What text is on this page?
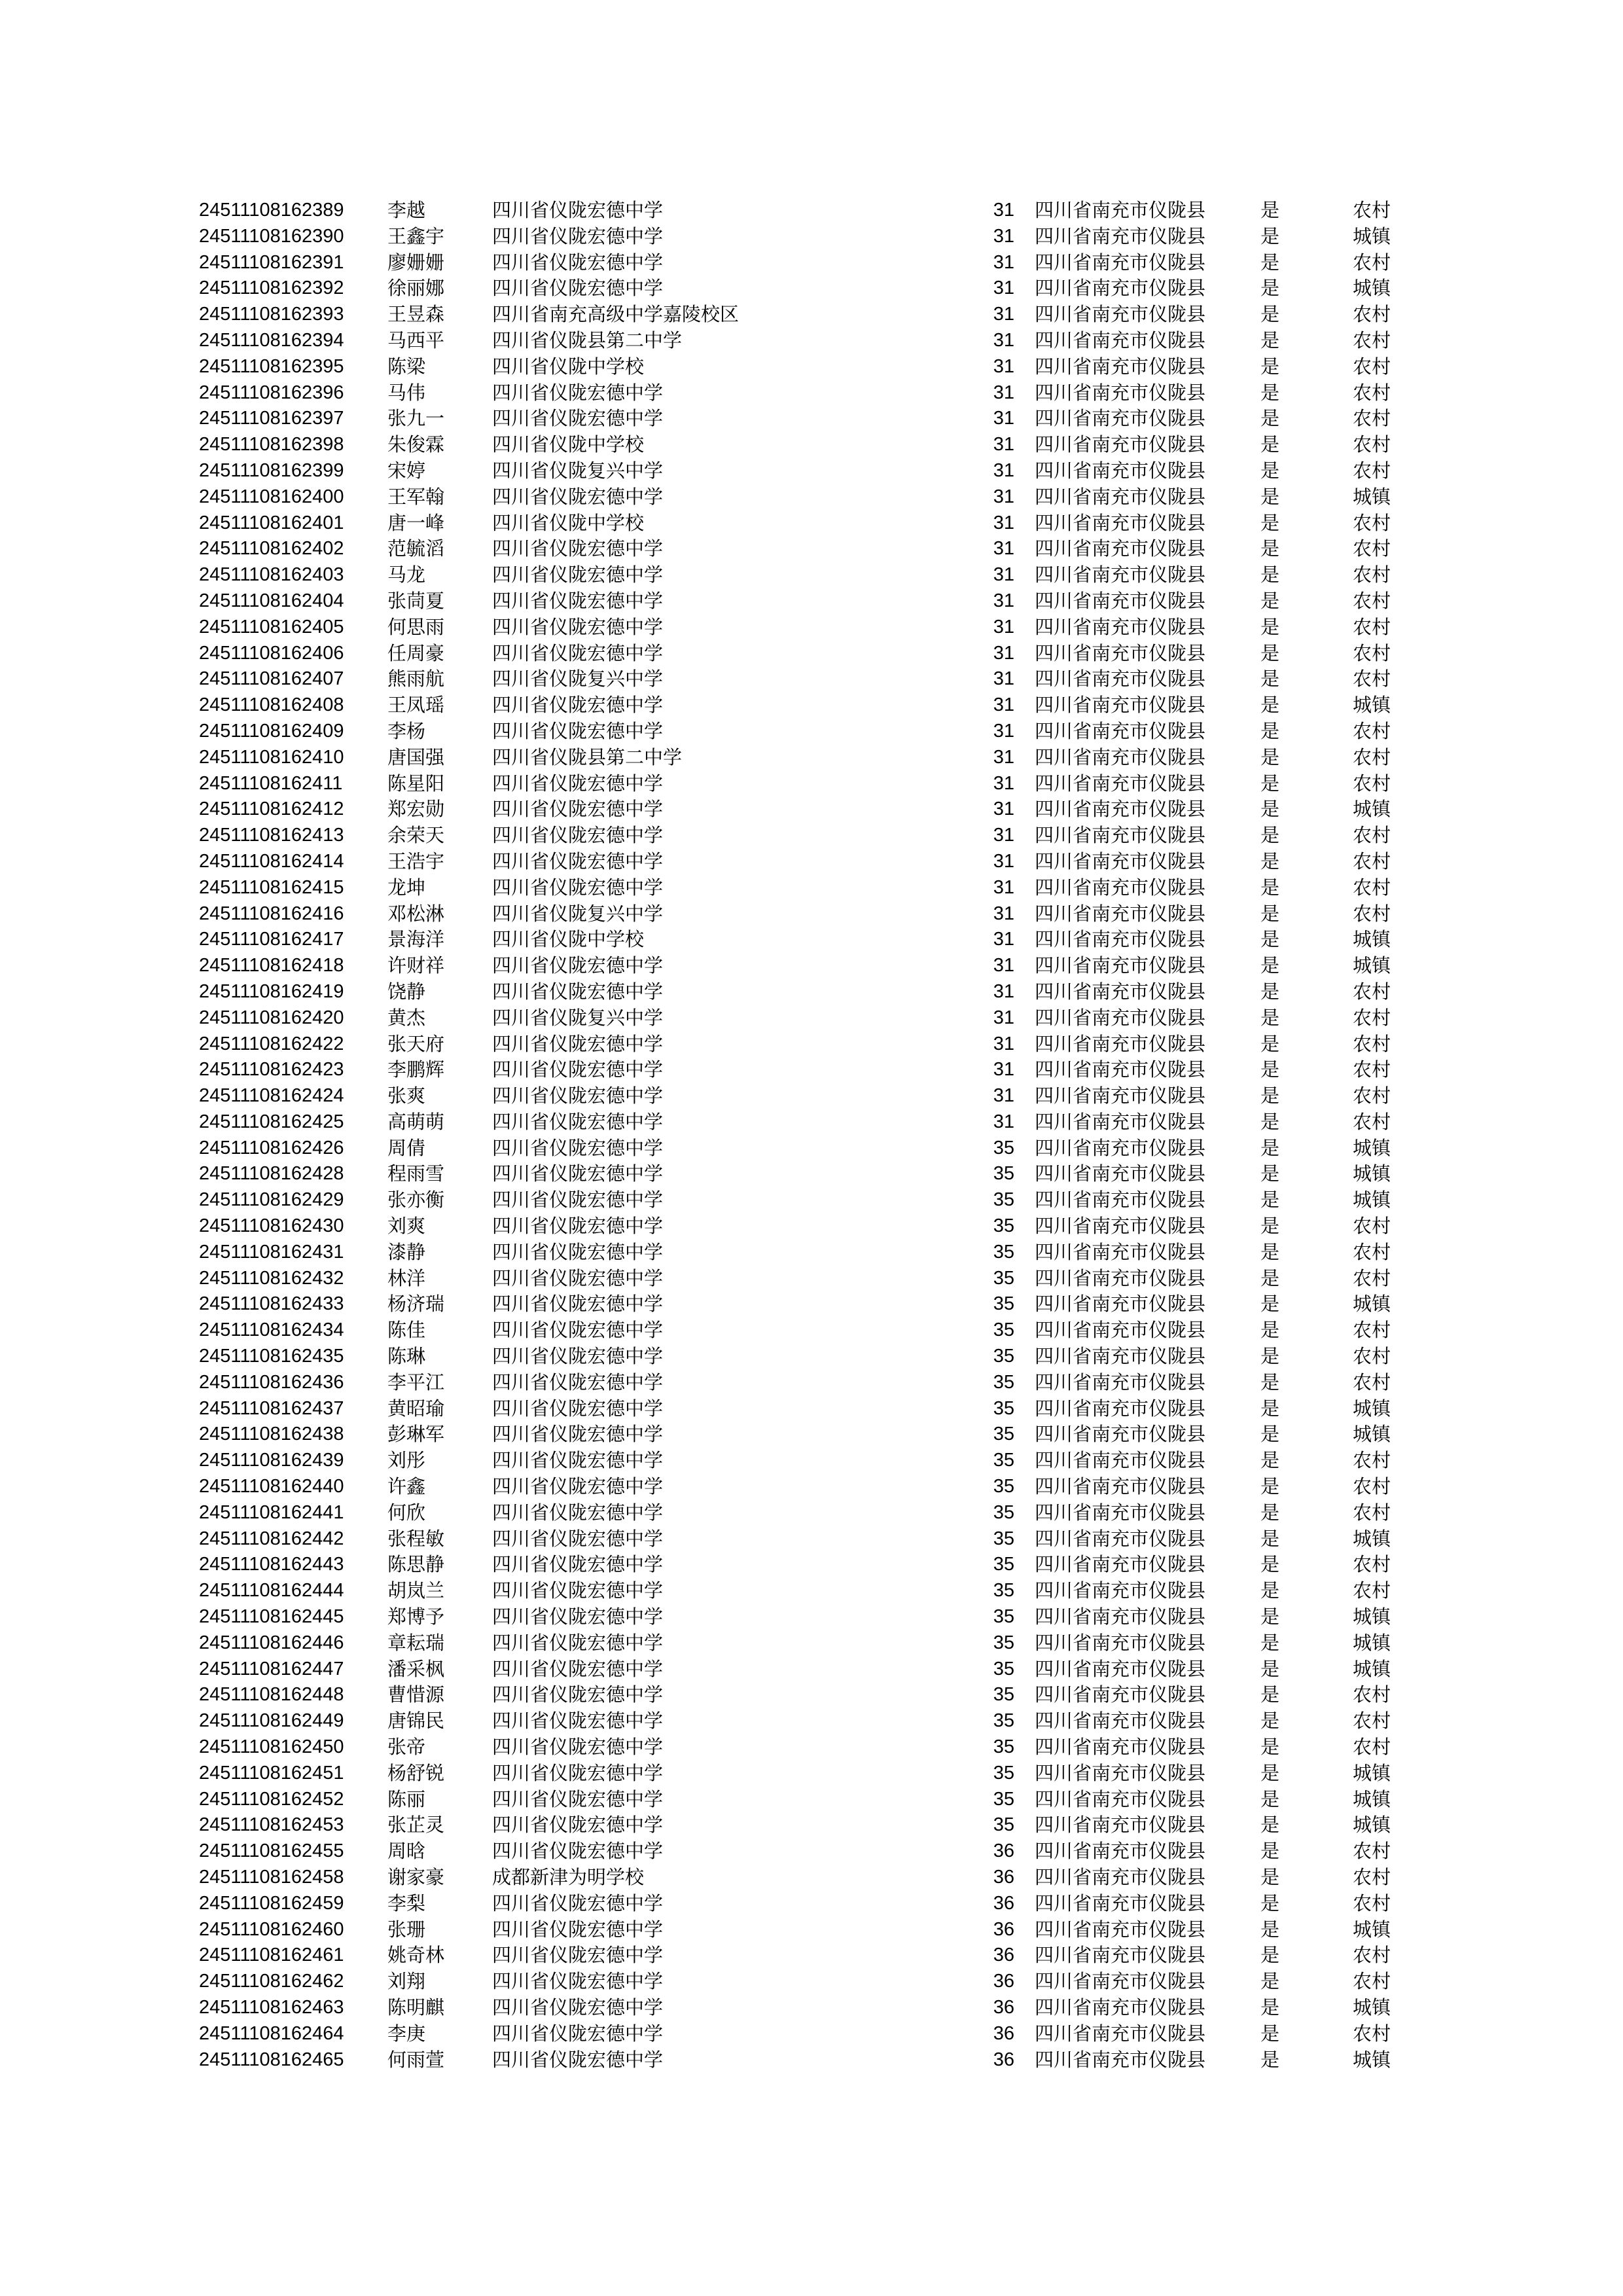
24511108162389 李越	四川省仪陇宏德中学	31 四川省南充市仪陇县	是	农村
24511108162390 王鑫宇	四川省仪陇宏德中学	31 四川省南充市仪陇县	是	城镇
24511108162391 廖姗姗	四川省仪陇宏德中学	31 四川省南充市仪陇县	是	农村
24511108162392 徐丽娜	四川省仪陇宏德中学	31 四川省南充市仪陇县	是	城镇
24511108162393 王昱森	四川省南充高级中学嘉陵校区	31 四川省南充市仪陇县	是	农村
24511108162394 马西平	四川省仪陇县第二中学	31 四川省南充市仪陇县	是	农村
24511108162395 陈梁	四川省仪陇中学校	31 四川省南充市仪陇县	是	农村
24511108162396 马伟	四川省仪陇宏德中学	31 四川省南充市仪陇县	是	农村
24511108162397 张九一	四川省仪陇宏德中学	31 四川省南充市仪陇县	是	农村
24511108162398 朱俊霖	四川省仪陇中学校	31 四川省南充市仪陇县	是	农村
24511108162399 宋婷	四川省仪陇复兴中学	31 四川省南充市仪陇县	是	农村
24511108162400 王军翰	四川省仪陇宏德中学	31 四川省南充市仪陇县	是	城镇
24511108162401 唐一峰	四川省仪陇中学校	31 四川省南充市仪陇县	是	农村
24511108162402 范毓滔	四川省仪陇宏德中学	31 四川省南充市仪陇县	是	农村
24511108162403 马龙	四川省仪陇宏德中学	31 四川省南充市仪陇县	是	农村
24511108162404 张茼夏	四川省仪陇宏德中学	31 四川省南充市仪陇县	是	农村
24511108162405 何思雨	四川省仪陇宏德中学	31 四川省南充市仪陇县	是	农村
24511108162406 任周豪	四川省仪陇宏德中学	31 四川省南充市仪陇县	是	农村
24511108162407 熊雨航	四川省仪陇复兴中学	31 四川省南充市仪陇县	是	农村
24511108162408 王凤瑶	四川省仪陇宏德中学	31 四川省南充市仪陇县	是	城镇
24511108162409 李杨	四川省仪陇宏德中学	31 四川省南充市仪陇县	是	农村
24511108162410 唐国强	四川省仪陇县第二中学	31 四川省南充市仪陇县	是	农村
24511108162411 陈星阳	四川省仪陇宏德中学	31 四川省南充市仪陇县	是	农村
24511108162412 郑宏勋	四川省仪陇宏德中学	31 四川省南充市仪陇县	是	城镇
24511108162413 余荣天	四川省仪陇宏德中学	31 四川省南充市仪陇县	是	农村
24511108162414 王浩宇	四川省仪陇宏德中学	31 四川省南充市仪陇县	是	农村
24511108162415 龙坤	四川省仪陇宏德中学	31 四川省南充市仪陇县	是	农村
24511108162416 邓松淋	四川省仪陇复兴中学	31 四川省南充市仪陇县	是	农村
24511108162417 景海洋	四川省仪陇中学校	31 四川省南充市仪陇县	是	城镇
24511108162418 许财祥	四川省仪陇宏德中学	31 四川省南充市仪陇县	是	城镇
24511108162419 饶静	四川省仪陇宏德中学	31 四川省南充市仪陇县	是	农村
24511108162420 黄杰	四川省仪陇复兴中学	31 四川省南充市仪陇县	是	农村
24511108162422 张天府	四川省仪陇宏德中学	31 四川省南充市仪陇县	是	农村
24511108162423 李鹏辉	四川省仪陇宏德中学	31 四川省南充市仪陇县	是	农村
24511108162424 张爽	四川省仪陇宏德中学	31 四川省南充市仪陇县	是	农村
24511108162425 高萌萌	四川省仪陇宏德中学	31 四川省南充市仪陇县	是	农村
24511108162426 周倩	四川省仪陇宏德中学	35 四川省南充市仪陇县	是	城镇
24511108162428 程雨雪	四川省仪陇宏德中学	35 四川省南充市仪陇县	是	城镇
24511108162429 张亦衡	四川省仪陇宏德中学	35 四川省南充市仪陇县	是	城镇
24511108162430 刘爽	四川省仪陇宏德中学	35 四川省南充市仪陇县	是	农村
24511108162431 漆静	四川省仪陇宏德中学	35 四川省南充市仪陇县	是	农村
24511108162432 林洋	四川省仪陇宏德中学	35 四川省南充市仪陇县	是	农村
24511108162433 杨济瑞	四川省仪陇宏德中学	35 四川省南充市仪陇县	是	城镇
24511108162434 陈佳	四川省仪陇宏德中学	35 四川省南充市仪陇县	是	农村
24511108162435 陈琳	四川省仪陇宏德中学	35 四川省南充市仪陇县	是	农村
24511108162436 李平江	四川省仪陇宏德中学	35 四川省南充市仪陇县	是	农村
24511108162437 黄昭瑜	四川省仪陇宏德中学	35 四川省南充市仪陇县	是	城镇
24511108162438 彭琳军	四川省仪陇宏德中学	35 四川省南充市仪陇县	是	城镇
24511108162439 刘彤	四川省仪陇宏德中学	35 四川省南充市仪陇县	是	农村
24511108162440 许鑫	四川省仪陇宏德中学	35 四川省南充市仪陇县	是	农村
24511108162441 何欣	四川省仪陇宏德中学	35 四川省南充市仪陇县	是	农村
24511108162442 张程敏	四川省仪陇宏德中学	35 四川省南充市仪陇县	是	城镇
24511108162443 陈思静	四川省仪陇宏德中学	35 四川省南充市仪陇县	是	农村
24511108162444 胡岚兰	四川省仪陇宏德中学	35 四川省南充市仪陇县	是	农村
24511108162445 郑博予	四川省仪陇宏德中学	35 四川省南充市仪陇县	是	城镇
24511108162446 章耘瑞	四川省仪陇宏德中学	35 四川省南充市仪陇县	是	城镇
24511108162447 潘采枫	四川省仪陇宏德中学	35 四川省南充市仪陇县	是	城镇
24511108162448 曹惜源	四川省仪陇宏德中学	35 四川省南充市仪陇县	是	农村
24511108162449 唐锦民	四川省仪陇宏德中学	35 四川省南充市仪陇县	是	农村
24511108162450 张帝	四川省仪陇宏德中学	35 四川省南充市仪陇县	是	农村
24511108162451 杨舒锐	四川省仪陇宏德中学	35 四川省南充市仪陇县	是	城镇
24511108162452 陈丽	四川省仪陇宏德中学	35 四川省南充市仪陇县	是	城镇
24511108162453 张芷灵	四川省仪陇宏德中学	35 四川省南充市仪陇县	是	城镇
24511108162455 周晗	四川省仪陇宏德中学	36 四川省南充市仪陇县	是	农村
24511108162458 谢家豪	成都新津为明学校	36 四川省南充市仪陇县	是	农村
24511108162459 李梨	四川省仪陇宏德中学	36 四川省南充市仪陇县	是	农村
24511108162460 张珊	四川省仪陇宏德中学	36 四川省南充市仪陇县	是	城镇
24511108162461 姚奇林	四川省仪陇宏德中学	36 四川省南充市仪陇县	是	农村
24511108162462 刘翔	四川省仪陇宏德中学	36 四川省南充市仪陇县	是	农村
24511108162463 陈明麒	四川省仪陇宏德中学	36 四川省南充市仪陇县	是	城镇
24511108162464 李庚	四川省仪陇宏德中学	36 四川省南充市仪陇县	是	农村
24511108162465 何雨萱	四川省仪陇宏德中学	36 四川省南充市仪陇县	是	城镇
